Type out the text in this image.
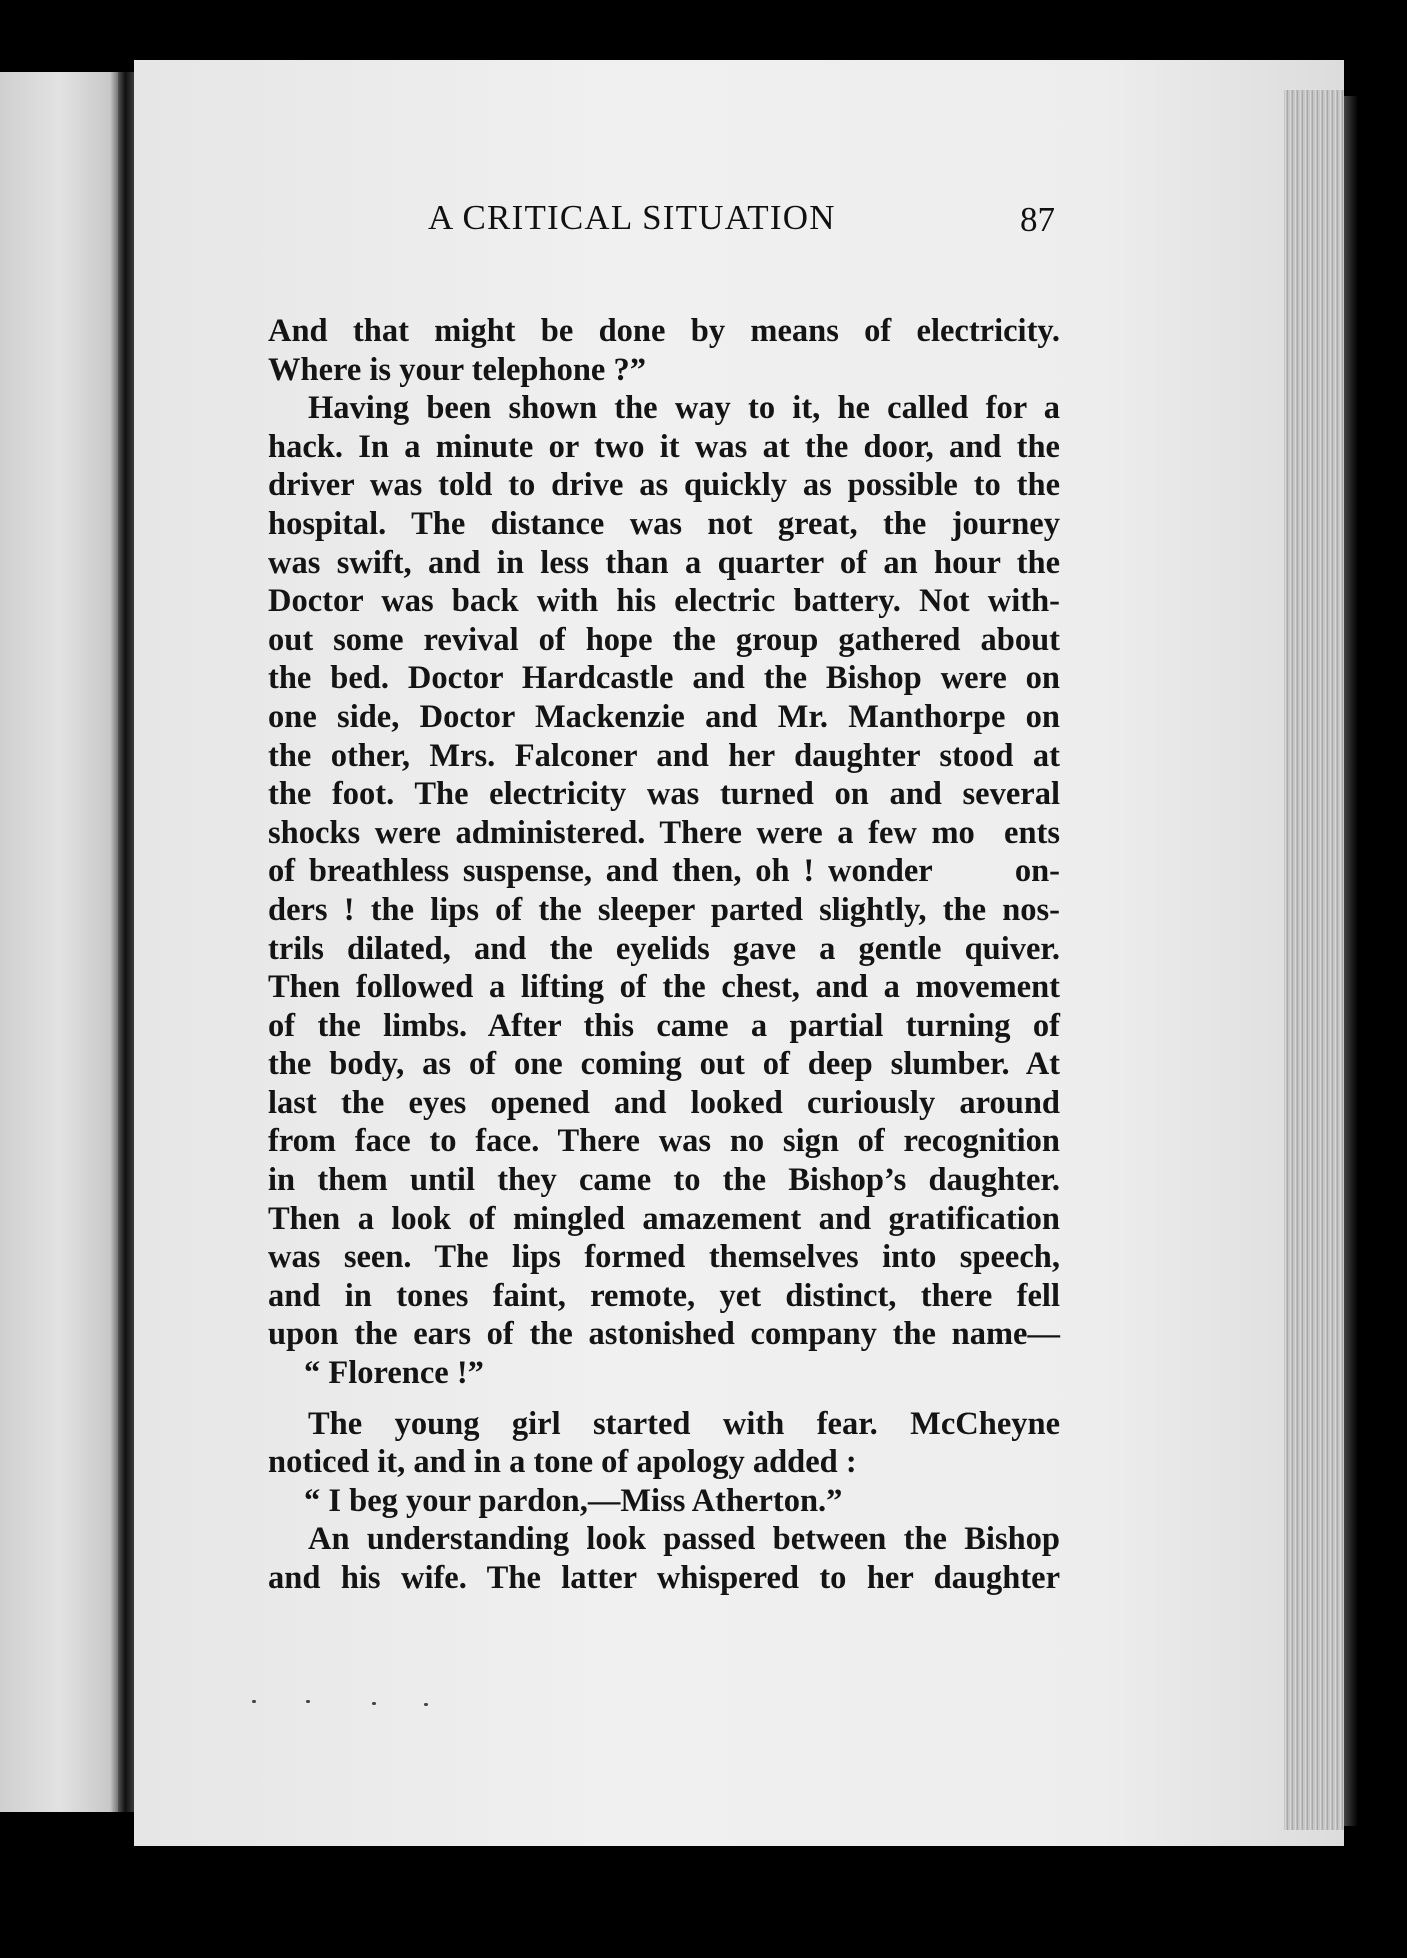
A CRITICAL SITUATION	87
And that might be done by means of electricity.
Where is your telephone ?”
Having been shown the way to it, he called for a
hack. In a minute or two it was at the door, and the
driver was told to drive as quickly as possible to the
hospital. The distance was not great, the journey
was swift, and in less than a quarter of an hour the
Doctor was back with his electric battery. Not with-
out some revival of hope the group gathered about
the bed. Doctor Hardcastle and the Bishop were on
one side, Doctor Mackenzie and Mr. Manthorpe on
the other, Mrs. Falconer and her daughter stood at
the foot. The electricity was turned on and several
shocks were administered. There were a few mo  ents
of breathless suspense, and then, oh ! wonder      on-
ders ! the lips of the sleeper parted slightly, the nos-
trils dilated, and the eyelids gave a gentle quiver.
Then followed a lifting of the chest, and a movement
of the limbs. After this came a partial turning of
the body, as of one coming out of deep slumber. At
last the eyes opened and looked curiously around
from face to face. There was no sign of recognition
in them until they came to the Bishop’s daughter.
Then a look of mingled amazement and gratification
was seen. The lips formed themselves into speech,
and in tones faint, remote, yet distinct, there fell
upon the ears of the astonished company the name—
“ Florence !”
The young girl started with fear. McCheyne
noticed it, and in a tone of apology added :
“ I beg your pardon,—Miss Atherton.”
An understanding look passed between the Bishop
and his wife. The latter whispered to her daughter
